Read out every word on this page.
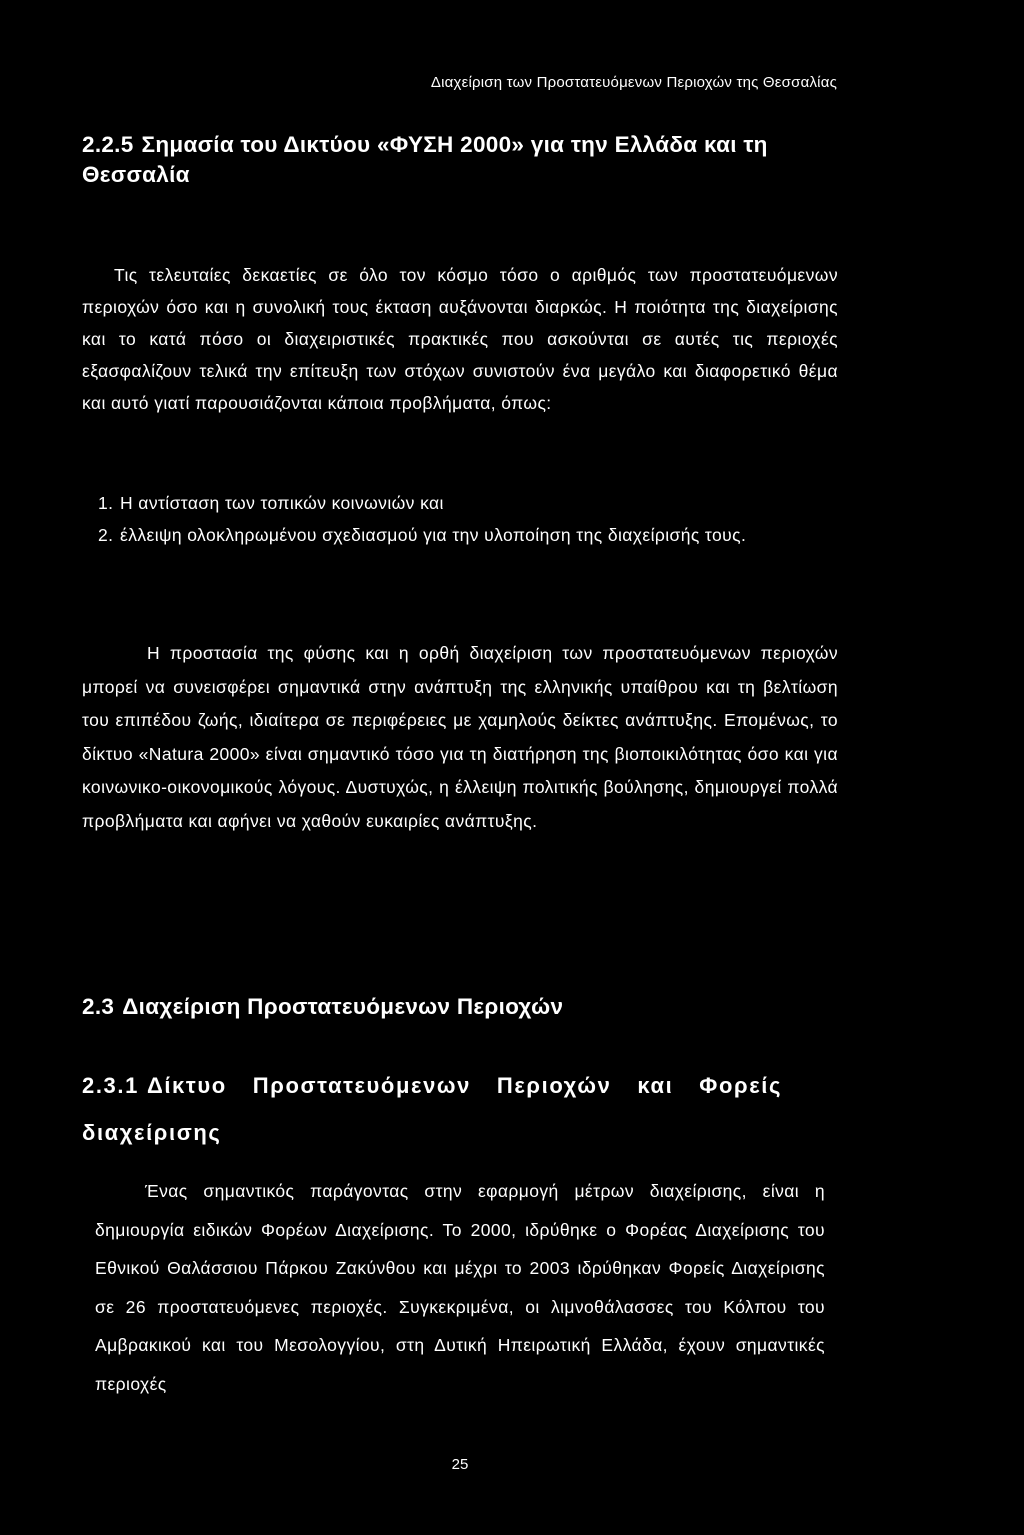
Διαχείριση των Προστατευόμενων Περιοχών της Θεσσαλίας
2.2.5 Σημασία του Δικτύου «ΦΥΣΗ 2000» για την Ελλάδα και τη Θεσσαλία

Τις τελευταίες δεκαετίες σε όλο τον κόσμο τόσο ο αριθμός των προστατευόμενων περιοχών όσο και η συνολική τους έκταση αυξάνονται διαρκώς. Η ποιότητα της διαχείρισης και το κατά πόσο οι διαχειριστικές πρακτικές που ασκούνται σε αυτές τις περιοχές εξασφαλίζουν τελικά την επίτευξη των στόχων συνιστούν ένα μεγάλο και διαφορετικό θέμα και αυτό γιατί παρουσιάζονται κάποια προβλήματα, όπως:

1. Η αντίσταση των τοπικών κοινωνιών και
2. έλλειψη ολοκληρωμένου σχεδιασμού για την υλοποίηση της διαχείρισής τους.

Η προστασία της φύσης και η ορθή διαχείριση των προστατευόμενων περιοχών μπορεί να συνεισφέρει σημαντικά στην ανάπτυξη της ελληνικής υπαίθρου και τη βελτίωση του επιπέδου ζωής, ιδιαίτερα σε περιφέρειες με χαμηλούς δείκτες ανάπτυξης. Επομένως, το δίκτυο «Natura 2000» είναι σημαντικό τόσο για τη διατήρηση της βιοποικιλότητας όσο και για κοινωνικο-οικονομικούς λόγους. Δυστυχώς, η έλλειψη πολιτικής βούλησης, δημιουργεί πολλά προβλήματα και αφήνει να χαθούν ευκαιρίες ανάπτυξης.

2.3 Διαχείριση Προστατευόμενων Περιοχών
2.3.1 Δίκτυο Προστατευόμενων Περιοχών και Φορείς διαχείρισης

Ένας σημαντικός παράγοντας στην εφαρμογή μέτρων διαχείρισης, είναι η δημιουργία ειδικών Φορέων Διαχείρισης. Το 2000, ιδρύθηκε ο Φορέας Διαχείρισης του Εθνικού Θαλάσσιου Πάρκου Ζακύνθου και μέχρι το 2003 ιδρύθηκαν Φορείς Διαχείρισης σε 26 προστατευόμενες περιοχές. Συγκεκριμένα, οι λιμνοθάλασσες του Κόλπου του Αμβρακικού και του Μεσολογγίου, στη Δυτική Ηπειρωτική Ελλάδα, έχουν σημαντικές περιοχές

25
